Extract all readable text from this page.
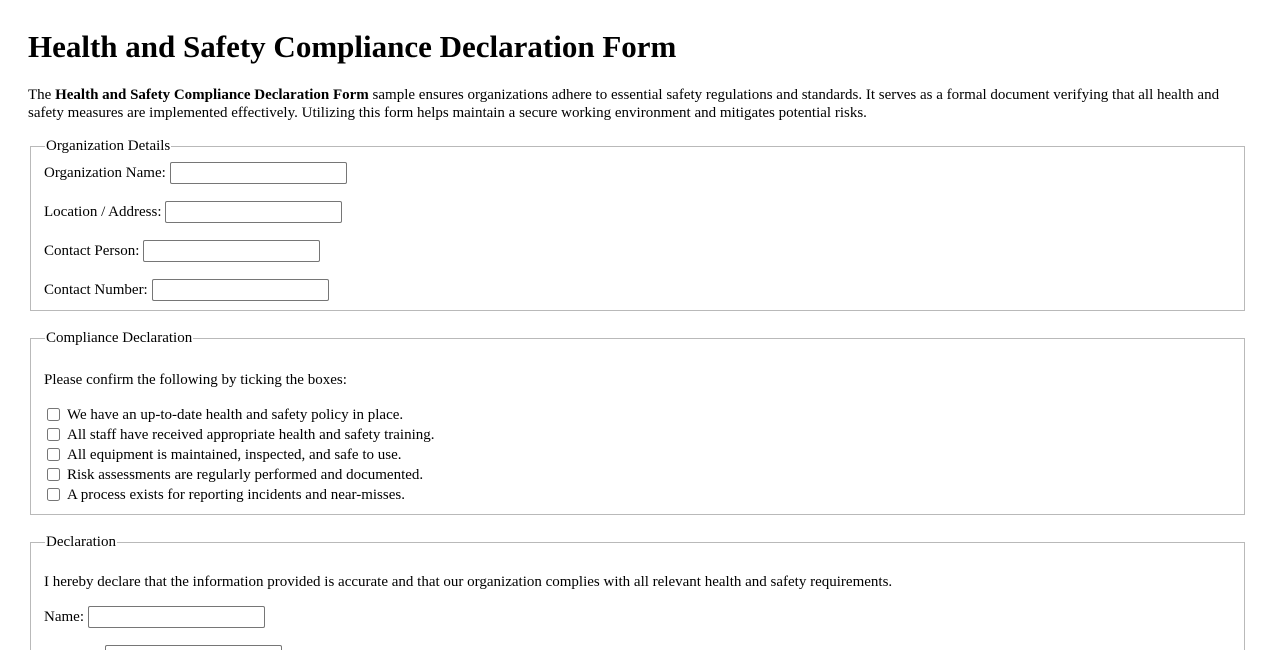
Health and Safety Compliance Declaration Form

The Health and Safety Compliance Declaration Form sample ensures organizations adhere to essential safety regulations and standards. It serves as a formal document verifying that all health and safety measures are implemented effectively. Utilizing this form helps maintain a secure working environment and mitigates potential risks.

Organization Details
Organization Name:
Location / Address:
Contact Person:
Contact Number:
Compliance Declaration
Please confirm the following by ticking the boxes:
We have an up-to-date health and safety policy in place.
All staff have received appropriate health and safety training.
All equipment is maintained, inspected, and safe to use.
Risk assessments are regularly performed and documented.
A process exists for reporting incidents and near-misses.
Declaration
I hereby declare that the information provided is accurate and that our organization complies with all relevant health and safety requirements.
Name:
